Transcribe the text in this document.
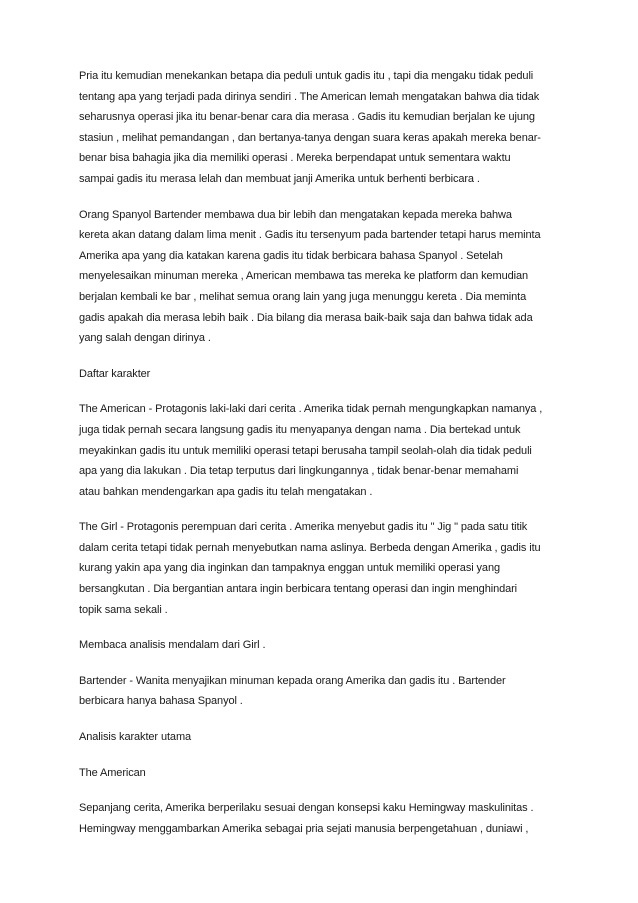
Pria itu kemudian menekankan betapa dia peduli untuk gadis itu , tapi dia mengaku tidak peduli
tentang apa yang terjadi pada dirinya sendiri . The American lemah mengatakan bahwa dia tidak
seharusnya operasi jika itu benar-benar cara dia merasa . Gadis itu kemudian berjalan ke ujung
stasiun , melihat pemandangan , dan bertanya-tanya dengan suara keras apakah mereka benar-
benar bisa bahagia jika dia memiliki operasi . Mereka berpendapat untuk sementara waktu
sampai gadis itu merasa lelah dan membuat janji Amerika untuk berhenti berbicara .
Orang Spanyol Bartender membawa dua bir lebih dan mengatakan kepada mereka bahwa
kereta akan datang dalam lima menit . Gadis itu tersenyum pada bartender tetapi harus meminta
Amerika apa yang dia katakan karena gadis itu tidak berbicara bahasa Spanyol . Setelah
menyelesaikan minuman mereka , American membawa tas mereka ke platform dan kemudian
berjalan kembali ke bar , melihat semua orang lain yang juga menunggu kereta . Dia meminta
gadis apakah dia merasa lebih baik . Dia bilang dia merasa baik-baik saja dan bahwa tidak ada
yang salah dengan dirinya .
Daftar karakter
The American - Protagonis laki-laki dari cerita . Amerika tidak pernah mengungkapkan namanya ,
juga tidak pernah secara langsung gadis itu menyapanya dengan nama . Dia bertekad untuk
meyakinkan gadis itu untuk memiliki operasi tetapi berusaha tampil seolah-olah dia tidak peduli
apa yang dia lakukan . Dia tetap terputus dari lingkungannya , tidak benar-benar memahami
atau bahkan mendengarkan apa gadis itu telah mengatakan .
The Girl - Protagonis perempuan dari cerita . Amerika menyebut gadis itu " Jig " pada satu titik
dalam cerita tetapi tidak pernah menyebutkan nama aslinya. Berbeda dengan Amerika , gadis itu
kurang yakin apa yang dia inginkan dan tampaknya enggan untuk memiliki operasi yang
bersangkutan . Dia bergantian antara ingin berbicara tentang operasi dan ingin menghindari
topik sama sekali .
Membaca analisis mendalam dari Girl .
Bartender - Wanita menyajikan minuman kepada orang Amerika dan gadis itu . Bartender
berbicara hanya bahasa Spanyol .
Analisis karakter utama
The American
Sepanjang cerita, Amerika berperilaku sesuai dengan konsepsi kaku Hemingway maskulinitas .
Hemingway menggambarkan Amerika sebagai pria sejati manusia berpengetahuan , duniawi ,
